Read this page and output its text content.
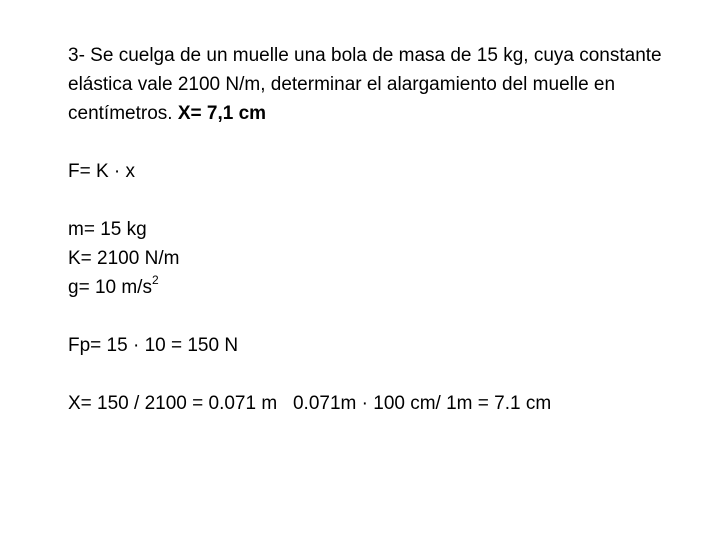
3- Se cuelga de un muelle una bola de masa de 15 kg, cuya constante elástica vale 2100 N/m, determinar el alargamiento del muelle en centímetros. X= 7,1 cm

F= K · x

m= 15 kg

K= 2100 N/m

g= 10 $m/s^2$

Fp= 15 · 10 = 150 N

X= 150 / 2100 = 0.071 m   0.071m · 100 cm/ 1m = 7.1 cm
